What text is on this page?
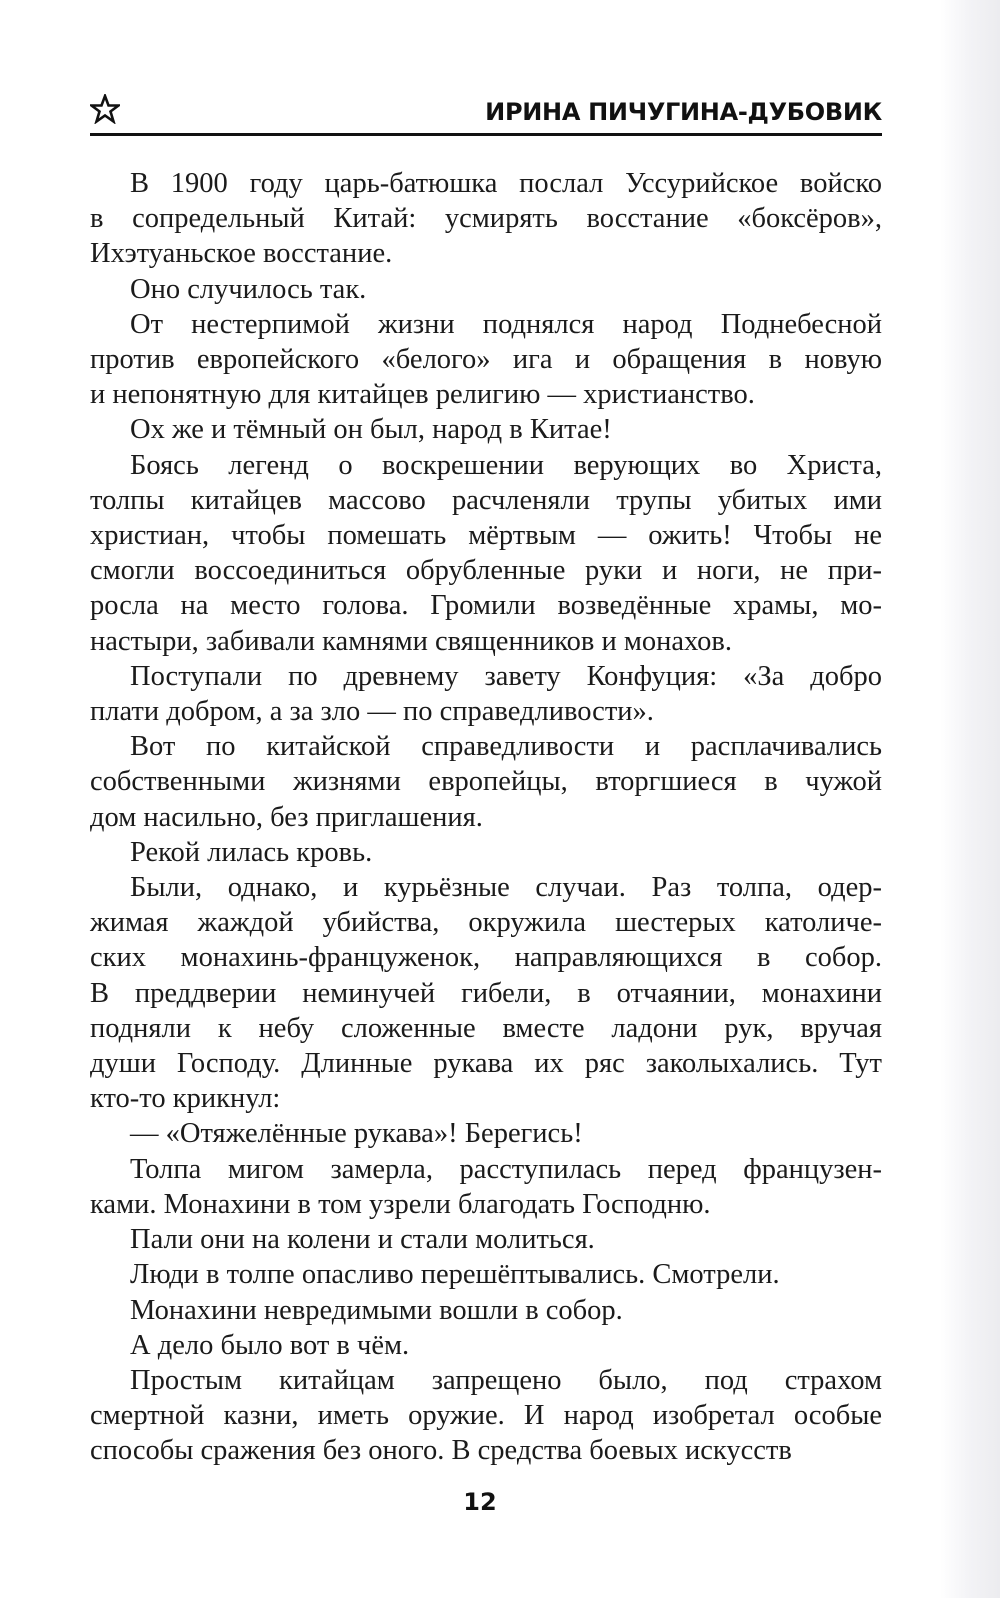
ИРИНА ПИЧУГИНА-ДУБОВИК
В 1900 году царь-батюшка послал Уссурийское войско
в сопредельный Китай: усмирять восстание «боксёров»,
Ихэтуаньское восстание.
Оно случилось так.
От нестерпимой жизни поднялся народ Поднебесной
против европейского «белого» ига и обращения в новую
и непонятную для китайцев религию — христианство.
Ох же и тёмный он был, народ в Китае!
Боясь легенд о воскрешении верующих во Христа,
толпы китайцев массово расчленяли трупы убитых ими
христиан, чтобы помешать мёртвым — ожить! Чтобы не
смогли воссоединиться обрубленные руки и ноги, не при-
росла на место голова. Громили возведённые храмы, мо-
настыри, забивали камнями священников и монахов.
Поступали по древнему завету Конфуция: «За добро
плати добром, а за зло — по справедливости».
Вот по китайской справедливости и расплачивались
собственными жизнями европейцы, вторгшиеся в чужой
дом насильно, без приглашения.
Рекой лилась кровь.
Были, однако, и курьёзные случаи. Раз толпа, одер-
жимая жаждой убийства, окружила шестерых католиче-
ских монахинь-француженок, направляющихся в собор.
В преддверии неминучей гибели, в отчаянии, монахини
подняли к небу сложенные вместе ладони рук, вручая
души Господу. Длинные рукава их ряс заколыхались. Тут
кто-то крикнул:
— «Отяжелённые рукава»! Берегись!
Толпа мигом замерла, расступилась перед французен-
ками. Монахини в том узрели благодать Господню.
Пали они на колени и стали молиться.
Люди в толпе опасливо перешёптывались. Смотрели.
Монахини невредимыми вошли в собор.
А дело было вот в чём.
Простым китайцам запрещено было, под страхом
смертной казни, иметь оружие. И народ изобретал особые
способы сражения без оного. В средства боевых искусств
12
